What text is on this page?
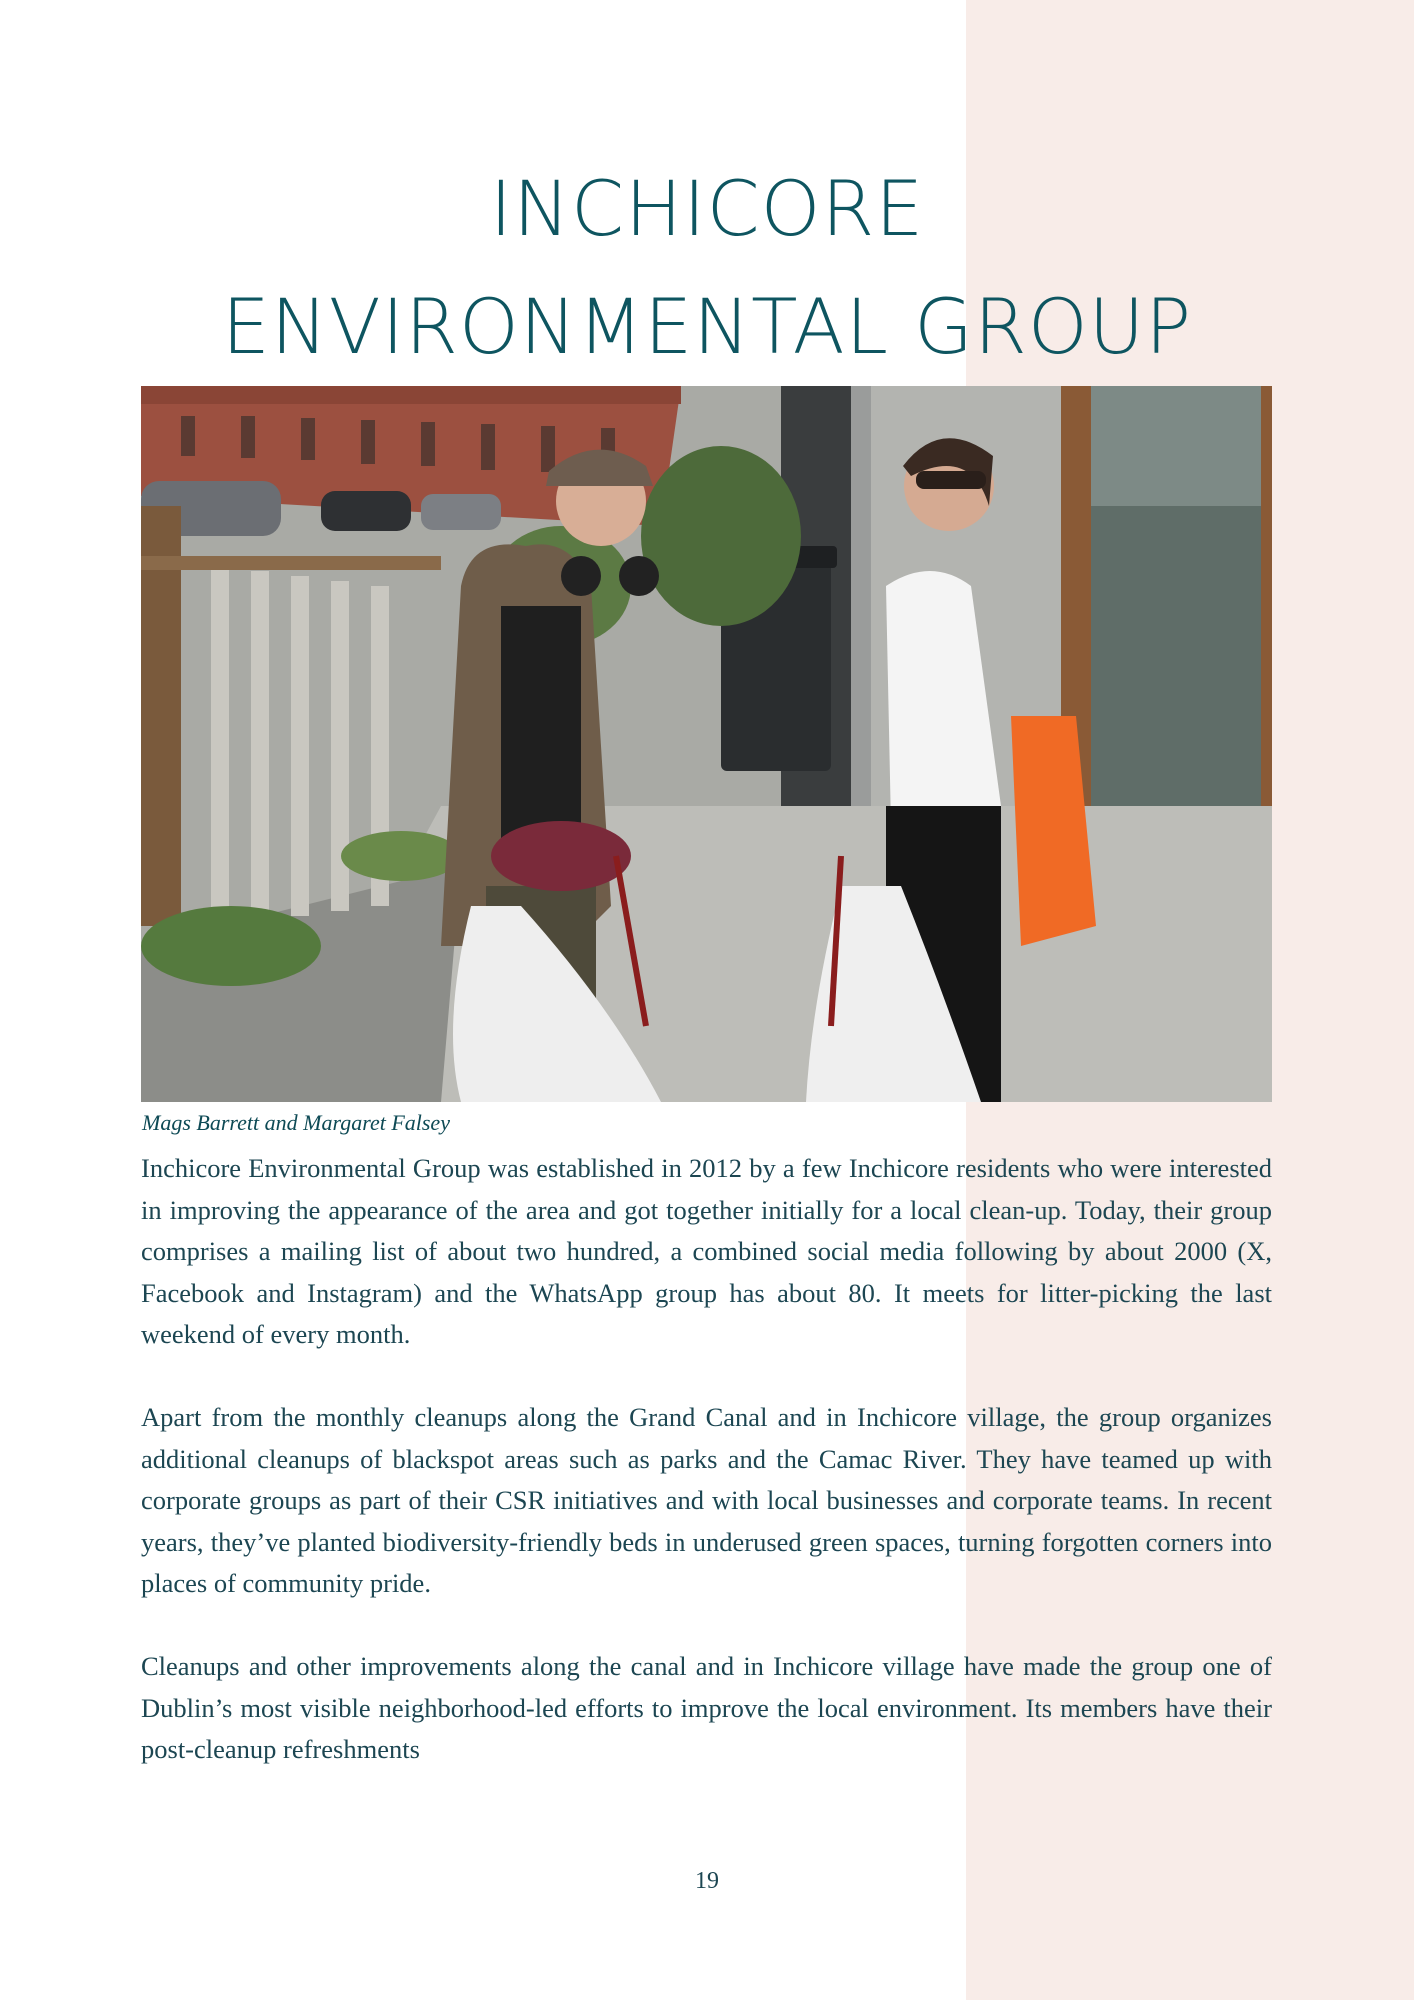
INCHICORE
ENVIRONMENTAL GROUP
Mags Barrett and Margaret Falsey

Inchicore Environmental Group was established in 2012 by a few Inchicore residents who were interested in improving the appearance of the area and got together initially for a local clean-up. Today, their group comprises a mailing list of about two hundred, a combined social media following by about 2000 (X, Facebook and Instagram) and the WhatsApp group has about 80. It meets for litter-picking the last weekend of every month.

Apart from the monthly cleanups along the Grand Canal and in Inchicore village, the group organizes additional cleanups of blackspot areas such as parks and the Camac River. They have teamed up with corporate groups as part of their CSR initiatives and with local businesses and corporate teams. In recent years, they’ve planted biodiversity-friendly beds in underused green spaces, turning forgotten corners into places of community pride.

Cleanups and other improvements along the canal and in Inchicore village have made the group one of Dublin’s most visible neighborhood-led efforts to improve the local environment. Its members have their post-cleanup refreshments

19
